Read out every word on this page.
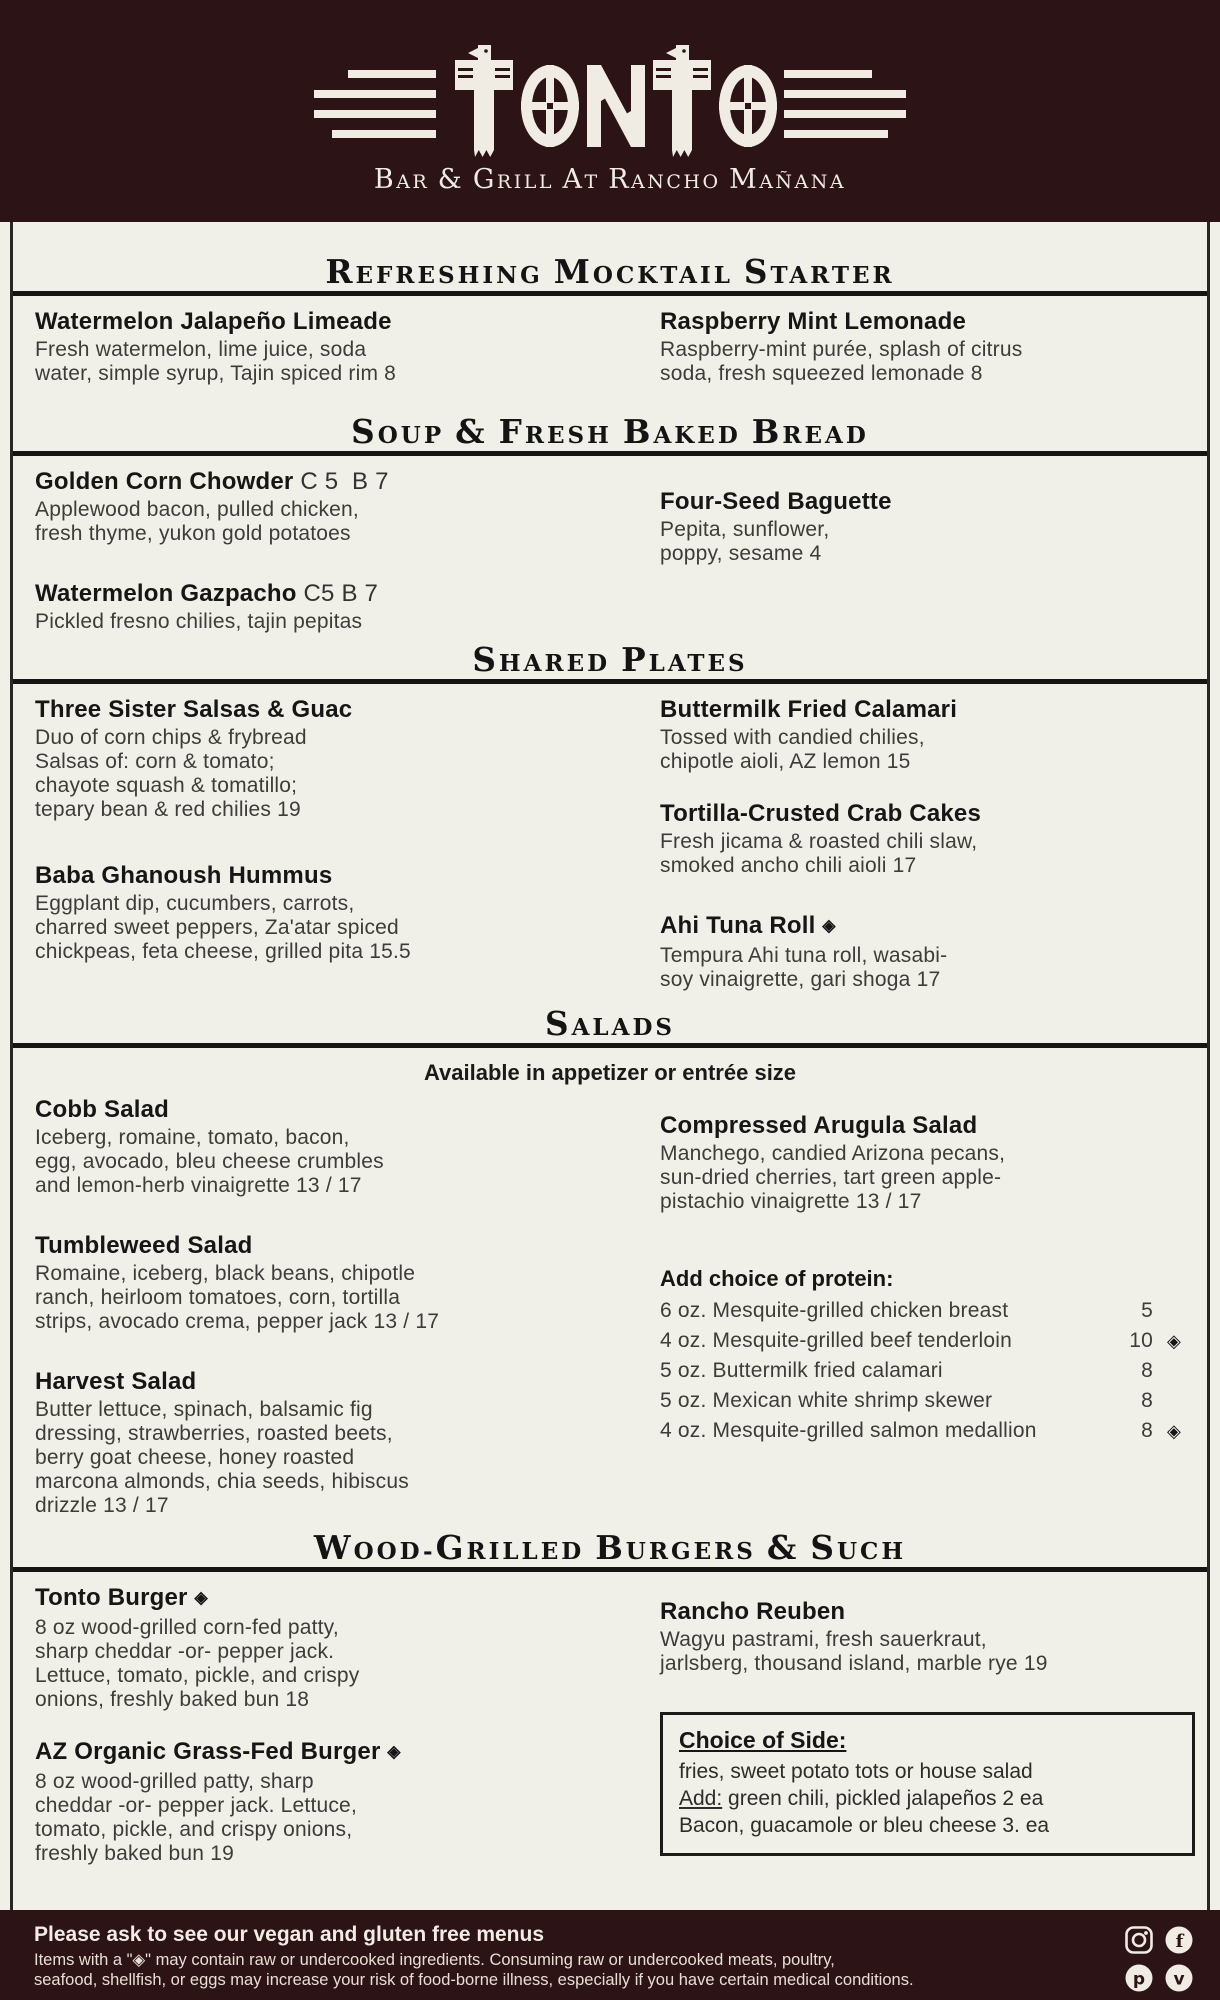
BAR & GRILL AT RANCHO MAÑANA
REFRESHING MOCKTAIL STARTER
Watermelon Jalapeño Limeade

Fresh watermelon, lime juice, soda
water, simple syrup, Tajin spiced rim 8

Raspberry Mint Lemonade

Raspberry-mint purée, splash of citrus
soda, fresh squeezed lemonade 8

SOUP & FRESH BAKED BREAD
Golden Corn Chowder C 5  B 7

Applewood bacon, pulled chicken,
fresh thyme, yukon gold potatoes

Watermelon Gazpacho C5 B 7

Pickled fresno chilies, tajin pepitas

Four-Seed Baguette

Pepita, sunflower,
poppy, sesame 4

SHARED PLATES
Three Sister Salsas & Guac

Duo of corn chips & frybread
Salsas of: corn & tomato;
chayote squash & tomatillo;
tepary bean & red chilies 19

Baba Ghanoush Hummus

Eggplant dip, cucumbers, carrots,
charred sweet peppers, Za'atar spiced
chickpeas, feta cheese, grilled pita 15.5

Buttermilk Fried Calamari

Tossed with candied chilies,
chipotle aioli, AZ lemon 15

Tortilla-Crusted Crab Cakes

Fresh jicama & roasted chili slaw,
smoked ancho chili aioli 17

Ahi Tuna Roll ◈

Tempura Ahi tuna roll, wasabi-
soy vinaigrette, gari shoga 17

SALADS
Available in appetizer or entrée size
Cobb Salad

Iceberg, romaine, tomato, bacon,
egg, avocado, bleu cheese crumbles
and lemon-herb vinaigrette 13 / 17

Tumbleweed Salad

Romaine, iceberg, black beans, chipotle
ranch, heirloom tomatoes, corn, tortilla
strips, avocado crema, pepper jack 13 / 17

Harvest Salad

Butter lettuce, spinach, balsamic fig
dressing, strawberries, roasted beets,
berry goat cheese, honey roasted
marcona almonds, chia seeds, hibiscus
drizzle 13 / 17

Compressed Arugula Salad

Manchego, candied Arizona pecans,
sun-dried cherries, tart green apple-
pistachio vinaigrette 13 / 17

Add choice of protein:
6 oz. Mesquite-grilled chicken breast	5
4 oz. Mesquite-grilled beef tenderloin	10 ◈
5 oz. Buttermilk fried calamari	8
5 oz. Mexican white shrimp skewer	8
4 oz. Mesquite-grilled salmon medallion	8 ◈
WOOD-GRILLED BURGERS & SUCH
Tonto Burger ◈

8 oz wood-grilled corn-fed patty,
sharp cheddar -or- pepper jack.
Lettuce, tomato, pickle, and crispy
onions, freshly baked bun 18

AZ Organic Grass-Fed Burger ◈

8 oz wood-grilled patty, sharp
cheddar -or- pepper jack. Lettuce,
tomato, pickle, and crispy onions,
freshly baked bun 19

Rancho Reuben

Wagyu pastrami, fresh sauerkraut,
jarlsberg, thousand island, marble rye 19

Choice of Side:

fries, sweet potato tots or house salad

Add: green chili, pickled jalapeños 2 ea

Bacon, guacamole or bleu cheese 3. ea

Please ask to see our vegan and gluten free menus
Items with a "◈" may contain raw or undercooked ingredients. Consuming raw or undercooked meats, poultry,
seafood, shellfish, or eggs may increase your risk of food-borne illness, especially if you have certain medical conditions.
f
p v
